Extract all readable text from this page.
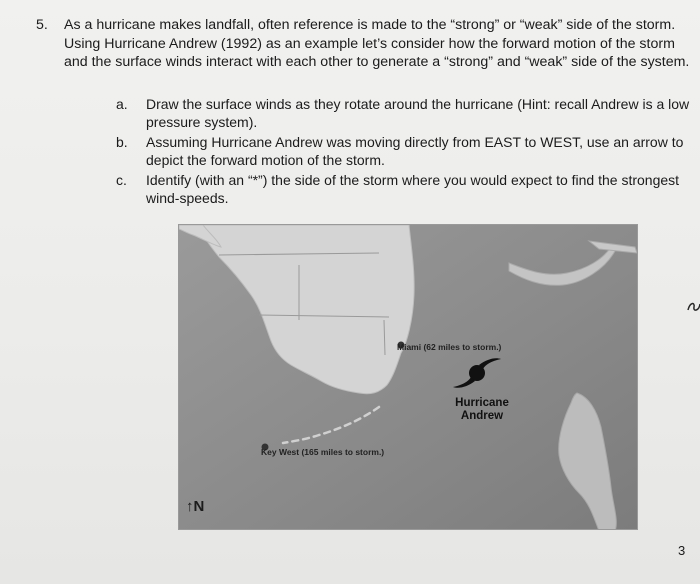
5. As a hurricane makes landfall, often reference is made to the “strong” or “weak” side of the storm. Using Hurricane Andrew (1992) as an example let’s consider how the forward motion of the storm and the surface winds interact with each other to generate a “strong” and “weak” side of the system.
a. Draw the surface winds as they rotate around the hurricane (Hint: recall Andrew is a low pressure system).
b. Assuming Hurricane Andrew was moving directly from EAST to WEST, use an arrow to depict the forward motion of the storm.
c. Identify (with an “*”) the side of the storm where you would expect to find the strongest wind-speeds.
Miami (62 miles to storm.)
Key West (165 miles to storm.)
Hurricane
Andrew
↑N
3
